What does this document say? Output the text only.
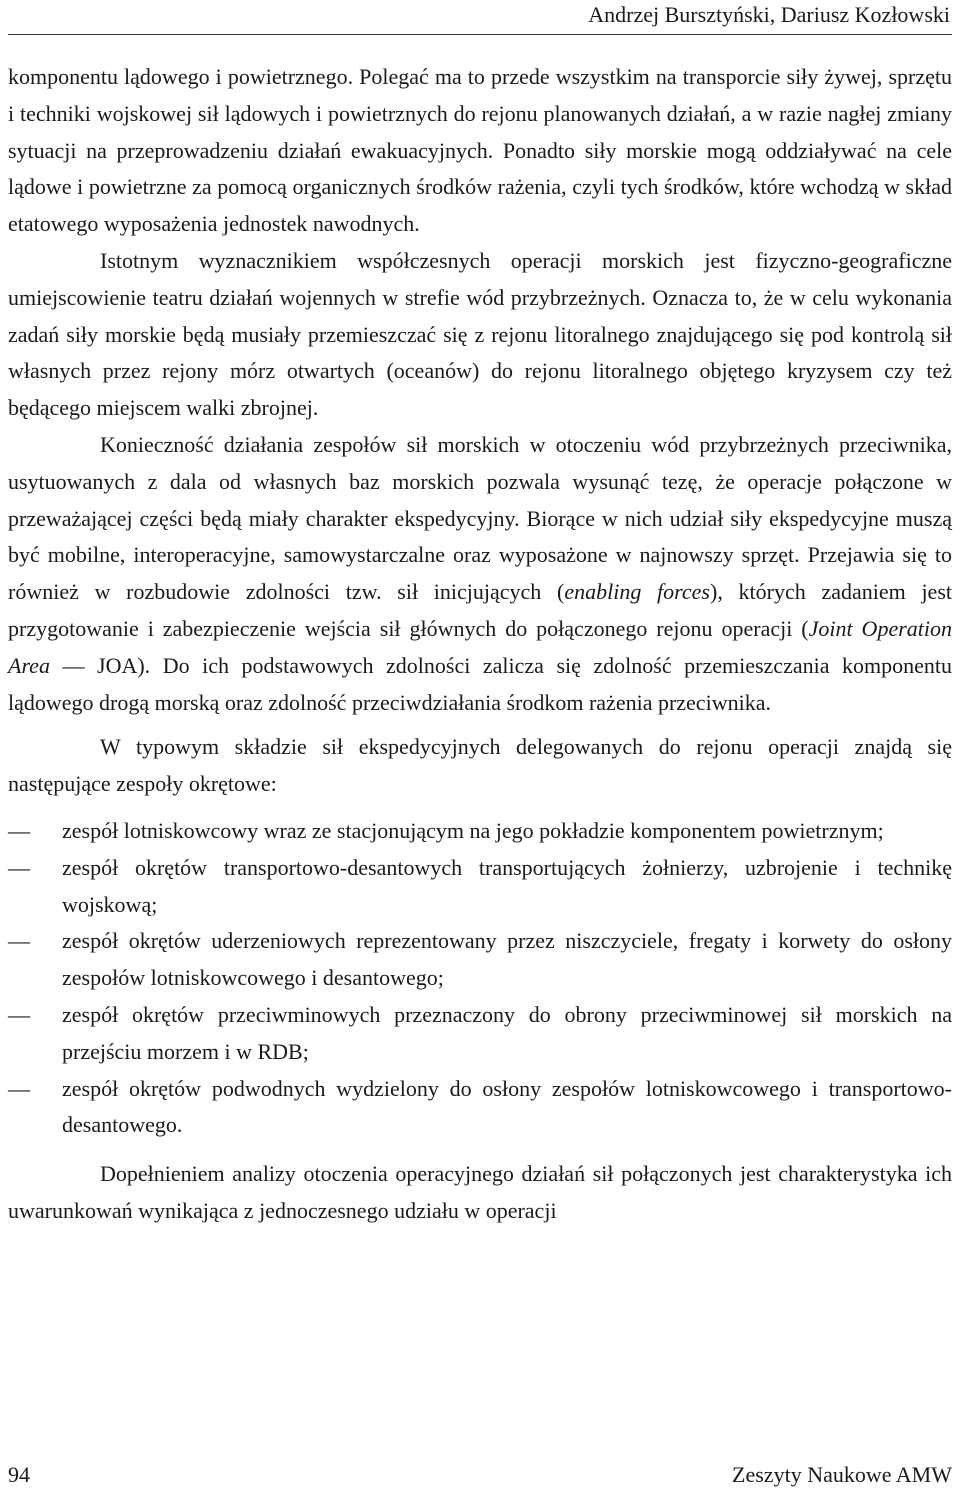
Andrzej Bursztyński, Dariusz Kozłowski

komponentu lądowego i powietrznego. Polegać ma to przede wszystkim na transporcie siły żywej, sprzętu i techniki wojskowej sił lądowych i powietrznych do rejonu planowanych działań, a w razie nagłej zmiany sytuacji na przeprowadzeniu działań ewakuacyjnych. Ponadto siły morskie mogą oddziaływać na cele lądowe i powietrzne za pomocą organicznych środków rażenia, czyli tych środków, które wchodzą w skład etatowego wyposażenia jednostek nawodnych.

Istotnym wyznacznikiem współczesnych operacji morskich jest fizyczno-geograficzne umiejscowienie teatru działań wojennych w strefie wód przybrzeżnych. Oznacza to, że w celu wykonania zadań siły morskie będą musiały przemieszczać się z rejonu litoralnego znajdującego się pod kontrolą sił własnych przez rejony mórz otwartych (oceanów) do rejonu litoralnego objętego kryzysem czy też będącego miejscem walki zbrojnej.

Konieczność działania zespołów sił morskich w otoczeniu wód przybrzeżnych przeciwnika, usytuowanych z dala od własnych baz morskich pozwala wysunąć tezę, że operacje połączone w przeważającej części będą miały charakter ekspedycyjny. Biorące w nich udział siły ekspedycyjne muszą być mobilne, interoperacyjne, samowystarczalne oraz wyposażone w najnowszy sprzęt. Przejawia się to również w rozbudowie zdolności tzw. sił inicjujących (enabling forces), których zadaniem jest przygotowanie i zabezpieczenie wejścia sił głównych do połączonego rejonu operacji (Joint Operation Area — JOA). Do ich podstawowych zdolności zalicza się zdolność przemieszczania komponentu lądowego drogą morską oraz zdolność przeciwdziałania środkom rażenia przeciwnika.

W typowym składzie sił ekspedycyjnych delegowanych do rejonu operacji znajdą się następujące zespoły okrętowe:

— zespół lotniskowcowy wraz ze stacjonującym na jego pokładzie komponentem powietrznym;
— zespół okrętów transportowo-desantowych transportujących żołnierzy, uzbrojenie i technikę wojskową;
— zespół okrętów uderzeniowych reprezentowany przez niszczyciele, fregaty i korwety do osłony zespołów lotniskowcowego i desantowego;
— zespół okrętów przeciwminowych przeznaczony do obrony przeciwminowej sił morskich na przejściu morzem i w RDB;
— zespół okrętów podwodnych wydzielony do osłony zespołów lotniskowcowego i transportowo-desantowego.

Dopełnieniem analizy otoczenia operacyjnego działań sił połączonych jest charakterystyka ich uwarunkowań wynikająca z jednoczesnego udziału w operacji

94	Zeszyty Naukowe AMW
